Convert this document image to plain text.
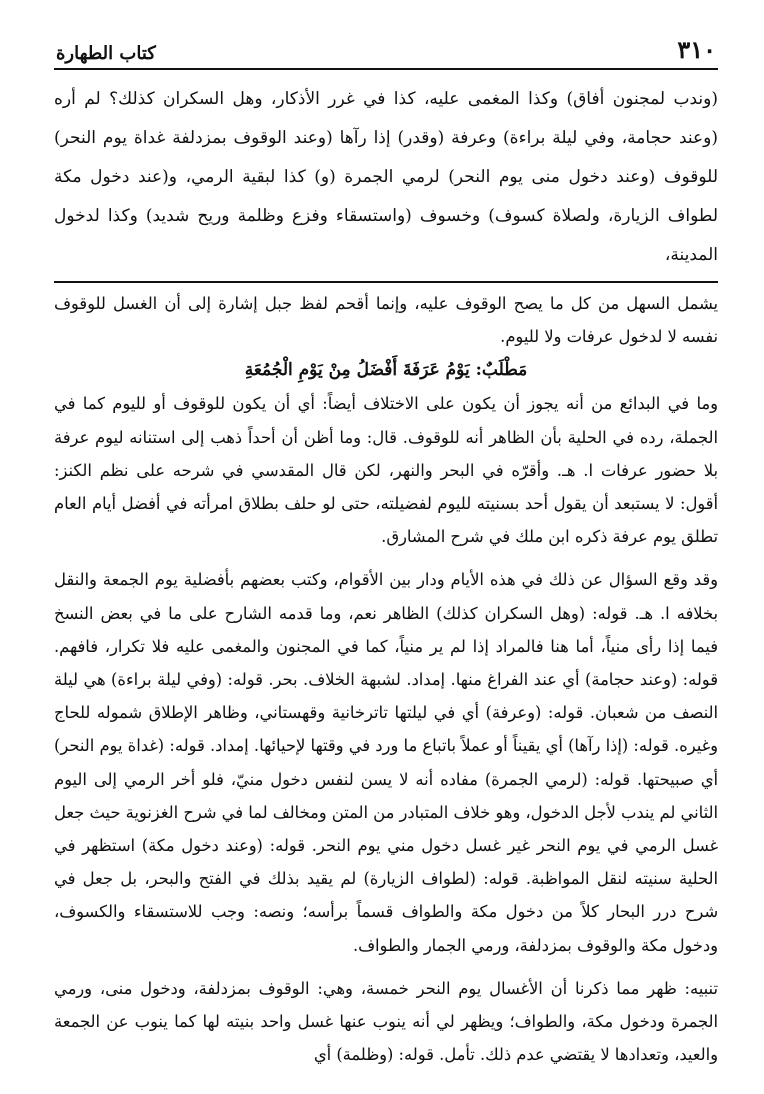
٣١٠
كتاب الطهارة

(وندب لمجنون أفاق) وكذا المغمى عليه، كذا في غرر الأذكار، وهل السكران كذلك؟ لم أره (وعند حجامة، وفي ليلة براءة) وعرفة (وقدر) إذا رآها (وعند الوقوف بمزدلفة غداة يوم النحر) للوقوف (وعند دخول منى يوم النحر) لرمي الجمرة (و) كذا لبقية الرمي، و(عند دخول مكة لطواف الزيارة، ولصلاة كسوف) وخسوف (واستسقاء وفزع وظلمة وريح شديد) وكذا لدخول المدينة،

يشمل السهل من كل ما يصح الوقوف عليه، وإنما أقحم لفظ جبل إشارة إلى أن الغسل للوقوف نفسه لا لدخول عرفات ولا لليوم.

مَطْلَبٌ: يَوْمُ عَرَفَةَ أَفْضَلُ مِنْ يَوْمِ الْجُمُعَةِ

وما في البدائع من أنه يجوز أن يكون على الاختلاف أيضاً: أي أن يكون للوقوف أو لليوم كما في الجملة، رده في الحلية بأن الظاهر أنه للوقوف. قال: وما أظن أن أحداً ذهب إلى استنانه ليوم عرفة بلا حضور عرفات ا. هـ. وأقرّه في البحر والنهر، لكن قال المقدسي في شرحه على نظم الكنز: أقول: لا يستبعد أن يقول أحد بسنيته لليوم لفضيلته، حتى لو حلف بطلاق امرأته في أفضل أيام العام تطلق يوم عرفة ذكره ابن ملك في شرح المشارق.

وقد وقع السؤال عن ذلك في هذه الأيام ودار بين الأقوام، وكتب بعضهم بأفضلية يوم الجمعة والنقل بخلافه ا. هـ. قوله: (وهل السكران كذلك) الظاهر نعم، وما قدمه الشارح على ما في بعض النسخ فيما إذا رأى منياً، أما هنا فالمراد إذا لم ير منياً، كما في المجنون والمغمى عليه فلا تكرار، فافهم. قوله: (وعند حجامة) أي عند الفراغ منها. إمداد. لشبهة الخلاف. بحر. قوله: (وفي ليلة براءة) هي ليلة النصف من شعبان. قوله: (وعرفة) أي في ليلتها تاترخانية وقهستاني، وظاهر الإطلاق شموله للحاج وغيره. قوله: (إذا رآها) أي يقيناً أو عملاً باتباع ما ورد في وقتها لإحيائها. إمداد. قوله: (غداة يوم النحر) أي صبيحتها. قوله: (لرمي الجمرة) مفاده أنه لا يسن لنفس دخول منيّ، فلو أخر الرمي إلى اليوم الثاني لم يندب لأجل الدخول، وهو خلاف المتبادر من المتن ومخالف لما في شرح الغزنوية حيث جعل غسل الرمي في يوم النحر غير غسل دخول مني يوم النحر. قوله: (وعند دخول مكة) استظهر في الحلية سنيته لنقل المواظبة. قوله: (لطواف الزيارة) لم يقيد بذلك في الفتح والبحر، بل جعل في شرح درر البحار كلاً من دخول مكة والطواف قسماً برأسه؛ ونصه: وجب للاستسقاء والكسوف، ودخول مكة والوقوف بمزدلفة، ورمي الجمار والطواف.

تنبيه: ظهر مما ذكرنا أن الأغسال يوم النحر خمسة، وهي: الوقوف بمزدلفة، ودخول منى، ورمي الجمرة ودخول مكة، والطواف؛ ويظهر لي أنه ينوب عنها غسل واحد بنيته لها كما ينوب عن الجمعة والعيد، وتعدادها لا يقتضي عدم ذلك. تأمل. قوله: (وظلمة) أي
